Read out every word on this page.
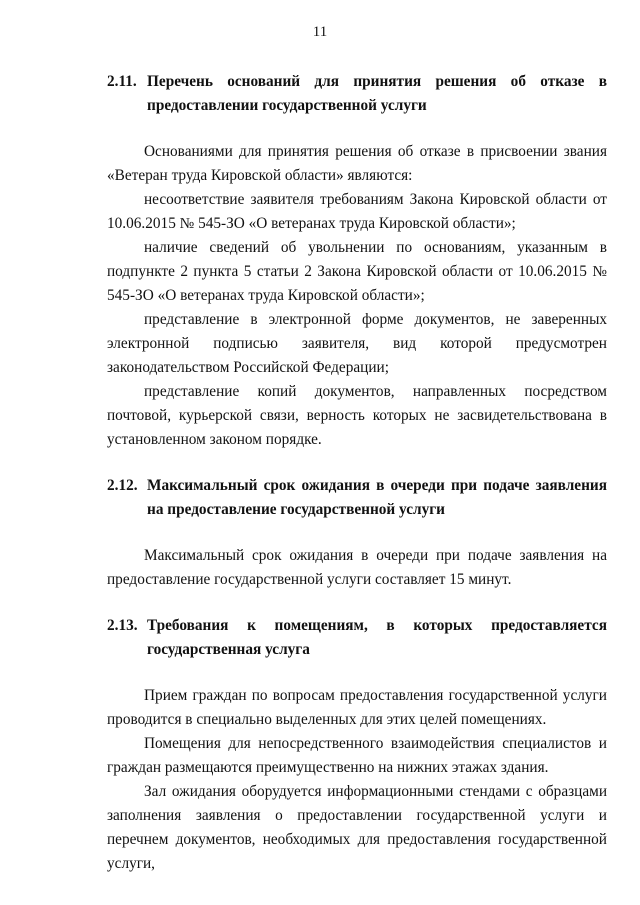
11
2.11. Перечень оснований для принятия решения об отказе в предоставлении государственной услуги

Основаниями для принятия решения об отказе в присвоении звания «Ветеран труда Кировской области» являются:

несоответствие заявителя требованиям Закона Кировской области от 10.06.2015 № 545-ЗО «О ветеранах труда Кировской области»;

наличие сведений об увольнении по основаниям, указанным в подпункте 2 пункта 5 статьи 2 Закона Кировской области от 10.06.2015 № 545-ЗО «О ветеранах труда Кировской области»;

представление в электронной форме документов, не заверенных электронной подписью заявителя, вид которой предусмотрен законодательством Российской Федерации;

представление копий документов, направленных посредством почтовой, курьерской связи, верность которых не засвидетельствована в установленном законом порядке.

2.12. Максимальный срок ожидания в очереди при подаче заявления на предоставление государственной услуги

Максимальный срок ожидания в очереди при подаче заявления на предоставление государственной услуги составляет 15 минут.

2.13. Требования к помещениям, в которых предоставляется государственная услуга

Прием граждан по вопросам предоставления государственной услуги проводится в специально выделенных для этих целей помещениях.

Помещения для непосредственного взаимодействия специалистов и граждан размещаются преимущественно на нижних этажах здания.

Зал ожидания оборудуется информационными стендами с образцами заполнения заявления о предоставлении государственной услуги и перечнем документов, необходимых для предоставления государственной услуги,
